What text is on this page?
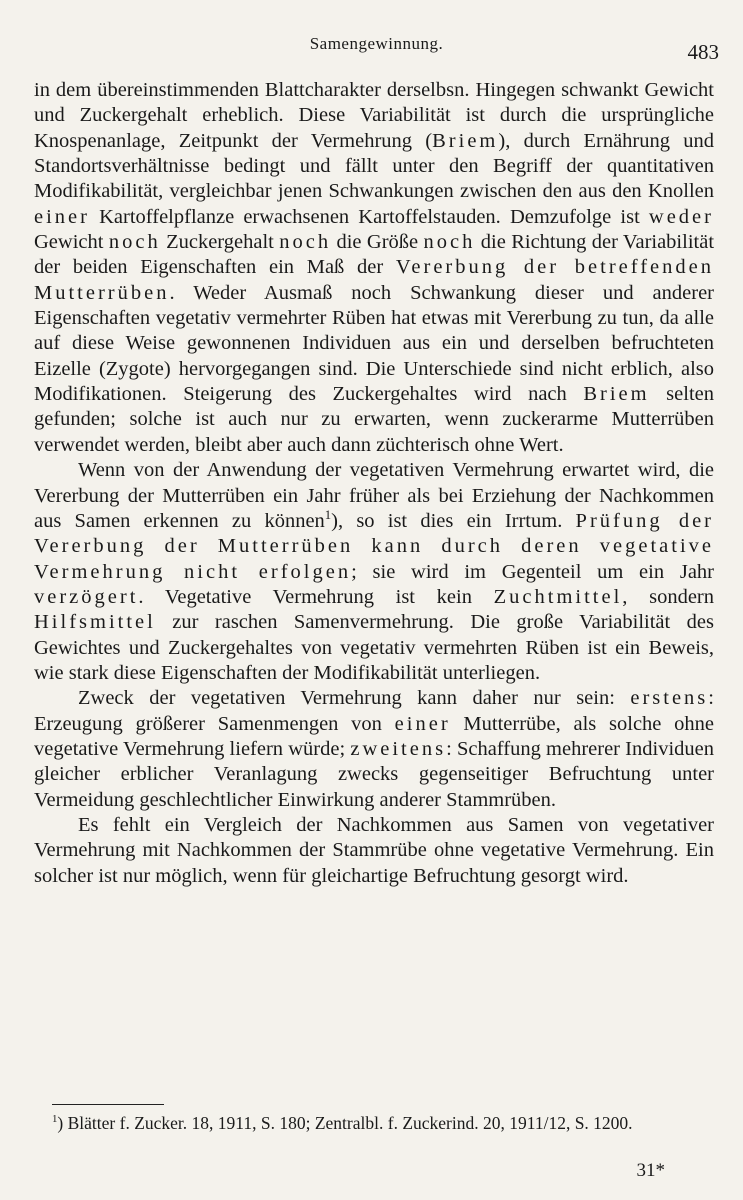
Samengewinnung.	483

in dem übereinstimmenden Blattcharakter derselbsn. Hingegen schwankt Gewicht und Zuckergehalt erheblich. Diese Variabilität ist durch die ursprüngliche Knospenanlage, Zeitpunkt der Vermehrung (Briem), durch Ernährung und Standortsverhältnisse bedingt und fällt unter den Begriff der quantitativen Modifikabilität, vergleichbar jenen Schwankungen zwischen den aus den Knollen einer Kartoffelpflanze erwachsenen Kartoffelstauden. Demzufolge ist weder Gewicht noch Zuckergehalt noch die Größe noch die Richtung der Variabilität der beiden Eigenschaften ein Maß der Vererbung der betreffenden Mutterrüben. Weder Ausmaß noch Schwankung dieser und anderer Eigenschaften vegetativ vermehrter Rüben hat etwas mit Vererbung zu tun, da alle auf diese Weise gewonnenen Individuen aus ein und derselben befruchteten Eizelle (Zygote) hervorgegangen sind. Die Unterschiede sind nicht erblich, also Modifikationen. Steigerung des Zuckergehaltes wird nach Briem selten gefunden; solche ist auch nur zu erwarten, wenn zuckerarme Mutterrüben verwendet werden, bleibt aber auch dann züchterisch ohne Wert.

Wenn von der Anwendung der vegetativen Vermehrung erwartet wird, die Vererbung der Mutterrüben ein Jahr früher als bei Erziehung der Nachkommen aus Samen erkennen zu können$^1$), so ist dies ein Irrtum. Prüfung der Vererbung der Mutterrüben kann durch deren vegetative Vermehrung nicht erfolgen; sie wird im Gegenteil um ein Jahr verzögert. Vegetative Vermehrung ist kein Zuchtmittel, sondern Hilfsmittel zur raschen Samenvermehrung. Die große Variabilität des Gewichtes und Zuckergehaltes von vegetativ vermehrten Rüben ist ein Beweis, wie stark diese Eigenschaften der Modifikabilität unterliegen.

Zweck der vegetativen Vermehrung kann daher nur sein: erstens: Erzeugung größerer Samenmengen von einer Mutterrübe, als solche ohne vegetative Vermehrung liefern würde; zweitens: Schaffung mehrerer Individuen gleicher erblicher Veranlagung zwecks gegenseitiger Befruchtung unter Vermeidung geschlechtlicher Einwirkung anderer Stammrüben.

Es fehlt ein Vergleich der Nachkommen aus Samen von vegetativer Vermehrung mit Nachkommen der Stammrübe ohne vegetative Vermehrung. Ein solcher ist nur möglich, wenn für gleichartige Befruchtung gesorgt wird.

$^1$) Blätter f. Zucker. 18, 1911, S. 180; Zentralbl. f. Zuckerind. 20, 1911/12, S. 1200.
31*
